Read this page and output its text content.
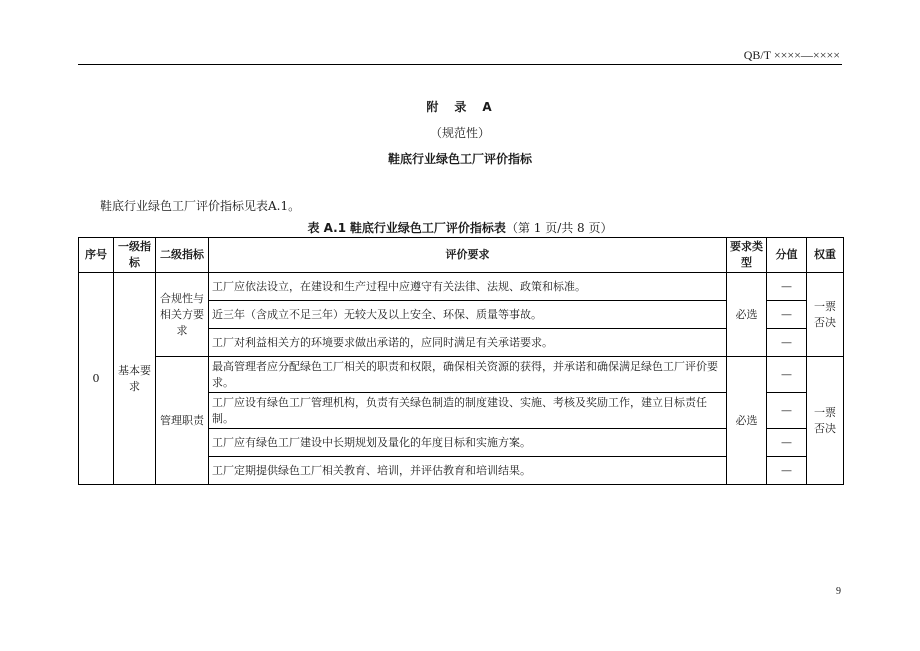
QB/T ××××—××××
附　录　A
（规范性）
鞋底行业绿色工厂评价指标
鞋底行业绿色工厂评价指标见表A.1。
表 A.1 鞋底行业绿色工厂评价指标表（第 1 页/共 8 页）
序号	一级指标	二级指标	评价要求	要求类型	分值	权重
0	基本要求	合规性与相关方要求	工厂应依法设立，在建设和生产过程中应遵守有关法律、法规、政策和标准。	必选	—	一票否决
			近三年（含成立不足三年）无较大及以上安全、环保、质量等事故。		—	
			工厂对利益相关方的环境要求做出承诺的，应同时满足有关承诺要求。		—	
		管理职责	最高管理者应分配绿色工厂相关的职责和权限，确保相关资源的获得，并承诺和确保满足绿色工厂评价要求。	必选	—	一票否决
			工厂应设有绿色工厂管理机构，负责有关绿色制造的制度建设、实施、考核及奖励工作，建立目标责任制。		—	
			工厂应有绿色工厂建设中长期规划及量化的年度目标和实施方案。		—	
			工厂定期提供绿色工厂相关教育、培训，并评估教育和培训结果。		—	
9
